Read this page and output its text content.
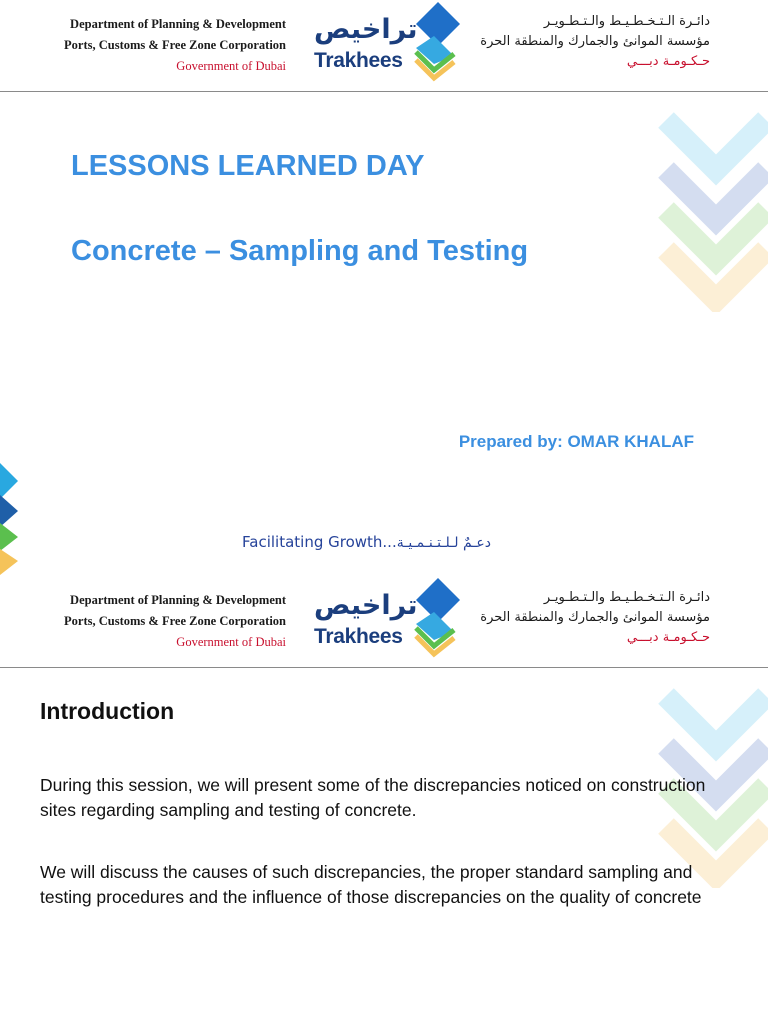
Department of Planning & Development
Ports, Customs & Free Zone Corporation
Government of Dubai
تراخيص
Trakhees
دائـرة الـتـخـطـيـط والـتـطـويـر
مؤسسة الموانئ والجمارك والمنطقة الحرة
حـكـومـة دبـــي
LESSONS LEARNED DAY
Concrete – Sampling and Testing
Prepared by: OMAR KHALAF
Facilitating Growth...دعـمٌ لـلـتـنـمـيـة
Department of Planning & Development
Ports, Customs & Free Zone Corporation
Government of Dubai
تراخيص
Trakhees
دائـرة الـتـخـطـيـط والـتـطـويـر
مؤسسة الموانئ والجمارك والمنطقة الحرة
حـكـومـة دبـــي
Introduction
During this session, we will present some of the discrepancies noticed on construction sites regarding sampling and testing of concrete.
We will discuss the causes of such discrepancies, the proper standard sampling and testing procedures and the influence of those discrepancies on the quality of concrete
